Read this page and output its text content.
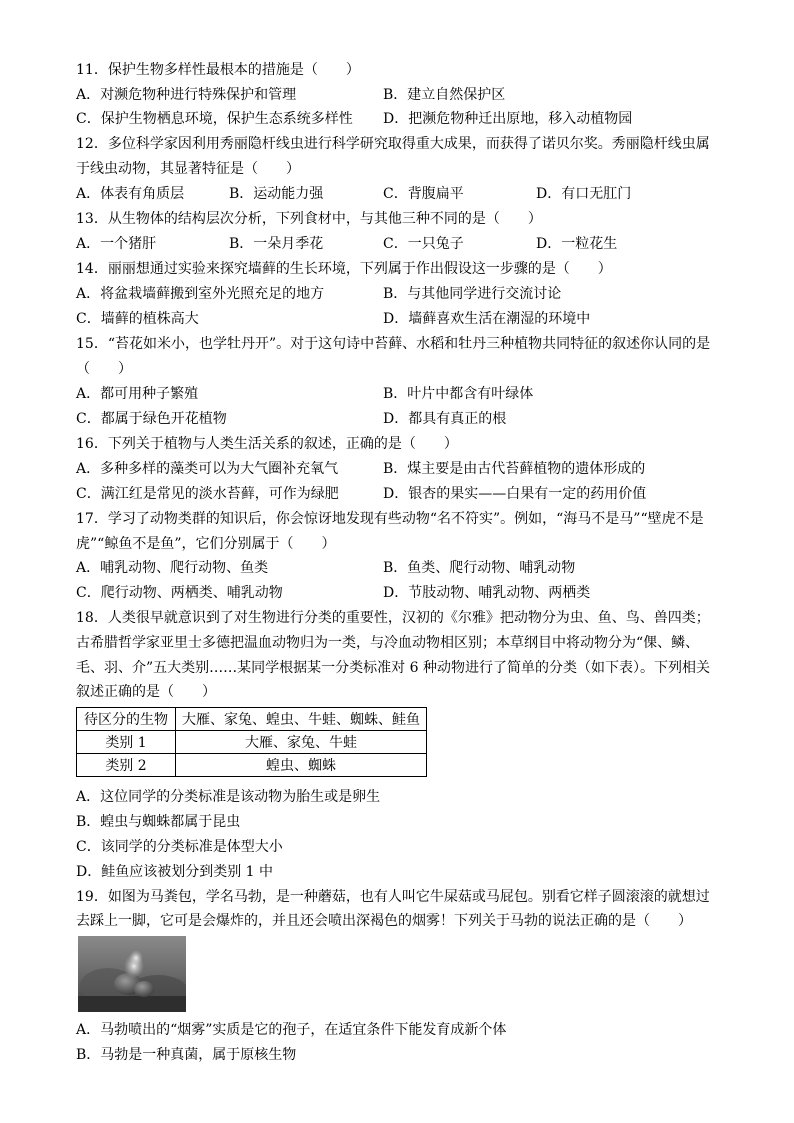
11．保护生物多样性最根本的措施是（　　）
A．对濒危物种进行特殊保护和管理	B．建立自然保护区
C．保护生物栖息环境，保护生态系统多样性 D．把濒危物种迁出原地，移入动植物园
12．多位科学家因利用秀丽隐杆线虫进行科学研究取得重大成果，而获得了诺贝尔奖。秀丽隐杆线虫属
于线虫动物，其显著特征是（　　）
A．体表有角质层	B．运动能力强	C．背腹扁平	D．有口无肛门
13．从生物体的结构层次分析，下列食材中，与其他三种不同的是（　　）
A．一个猪肝	B．一朵月季花	C．一只兔子	D．一粒花生
14．丽丽想通过实验来探究墙藓的生长环境，下列属于作出假设这一步骤的是（　　）
A．将盆栽墙藓搬到室外光照充足的地方	B．与其他同学进行交流讨论
C．墙藓的植株高大	D．墙藓喜欢生活在潮湿的环境中
15．“苔花如米小，也学牡丹开”。对于这句诗中苔藓、水稻和牡丹三种植物共同特征的叙述你认同的是
（　　）
A．都可用种子繁殖	B．叶片中都含有叶绿体
C．都属于绿色开花植物	D．都具有真正的根
16．下列关于植物与人类生活关系的叙述，正确的是（　　）
A．多种多样的藻类可以为大气圈补充氧气	B．煤主要是由古代苔藓植物的遗体形成的
C．满江红是常见的淡水苔藓，可作为绿肥	D．银杏的果实——白果有一定的药用价值
17．学习了动物类群的知识后，你会惊讶地发现有些动物“名不符实”。例如，“海马不是马”“壁虎不是
虎”“鲸鱼不是鱼”，它们分别属于（　　）
A．哺乳动物、爬行动物、鱼类	B．鱼类、爬行动物、哺乳动物
C．爬行动物、两栖类、哺乳动物	D．节肢动物、哺乳动物、两栖类
18．人类很早就意识到了对生物进行分类的重要性，汉初的《尔雅》把动物分为虫、鱼、鸟、兽四类；
古希腊哲学家亚里士多德把温血动物归为一类，与冷血动物相区别；本草纲目中将动物分为“倮、鳞、
毛、羽、介”五大类别……某同学根据某一分类标准对 6 种动物进行了简单的分类（如下表）。下列相关
叙述正确的是（　　）
待区分的生物	大雁、家兔、蝗虫、牛蛙、蜘蛛、鲑鱼
类别 1	大雁、家兔、牛蛙
类别 2	蝗虫、蜘蛛
A．这位同学的分类标准是该动物为胎生或是卵生
B．蝗虫与蜘蛛都属于昆虫
C．该同学的分类标准是体型大小
D．鲑鱼应该被划分到类别 1 中
19．如图为马粪包，学名马勃，是一种蘑菇，也有人叫它牛屎菇或马屁包。别看它样子圆滚滚的就想过
去踩上一脚，它可是会爆炸的，并且还会喷出深褐色的烟雾！下列关于马勃的说法正确的是（　　）
A．马勃喷出的“烟雾”实质是它的孢子，在适宜条件下能发育成新个体
B．马勃是一种真菌，属于原核生物
